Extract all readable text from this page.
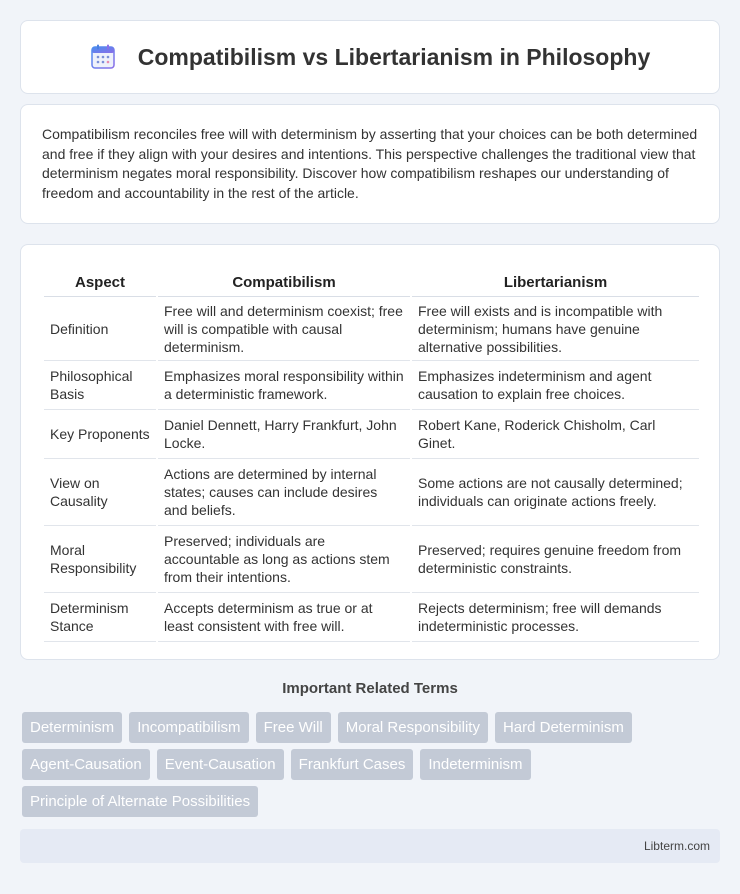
Compatibilism vs Libertarianism in Philosophy

Compatibilism reconciles free will with determinism by asserting that your choices can be both determined and free if they align with your desires and intentions. This perspective challenges the traditional view that determinism negates moral responsibility. Discover how compatibilism reshapes our understanding of freedom and accountability in the rest of the article.

Aspect	Compatibilism	Libertarianism
Definition	Free will and determinism coexist; free will is compatible with causal determinism.	Free will exists and is incompatible with determinism; humans have genuine alternative possibilities.
Philosophical Basis	Emphasizes moral responsibility within a deterministic framework.	Emphasizes indeterminism and agent causation to explain free choices.
Key Proponents	Daniel Dennett, Harry Frankfurt, John Locke.	Robert Kane, Roderick Chisholm, Carl Ginet.
View on Causality	Actions are determined by internal states; causes can include desires and beliefs.	Some actions are not causally determined; individuals can originate actions freely.
Moral Responsibility	Preserved; individuals are accountable as long as actions stem from their intentions.	Preserved; requires genuine freedom from deterministic constraints.
Determinism Stance	Accepts determinism as true or at least consistent with free will.	Rejects determinism; free will demands indeterministic processes.
Important Related Terms
Determinism	Incompatibilism	Free Will	Moral Responsibility	Hard Determinism
Agent-Causation	Event-Causation	Frankfurt Cases	Indeterminism
Principle of Alternate Possibilities
Libterm.com
